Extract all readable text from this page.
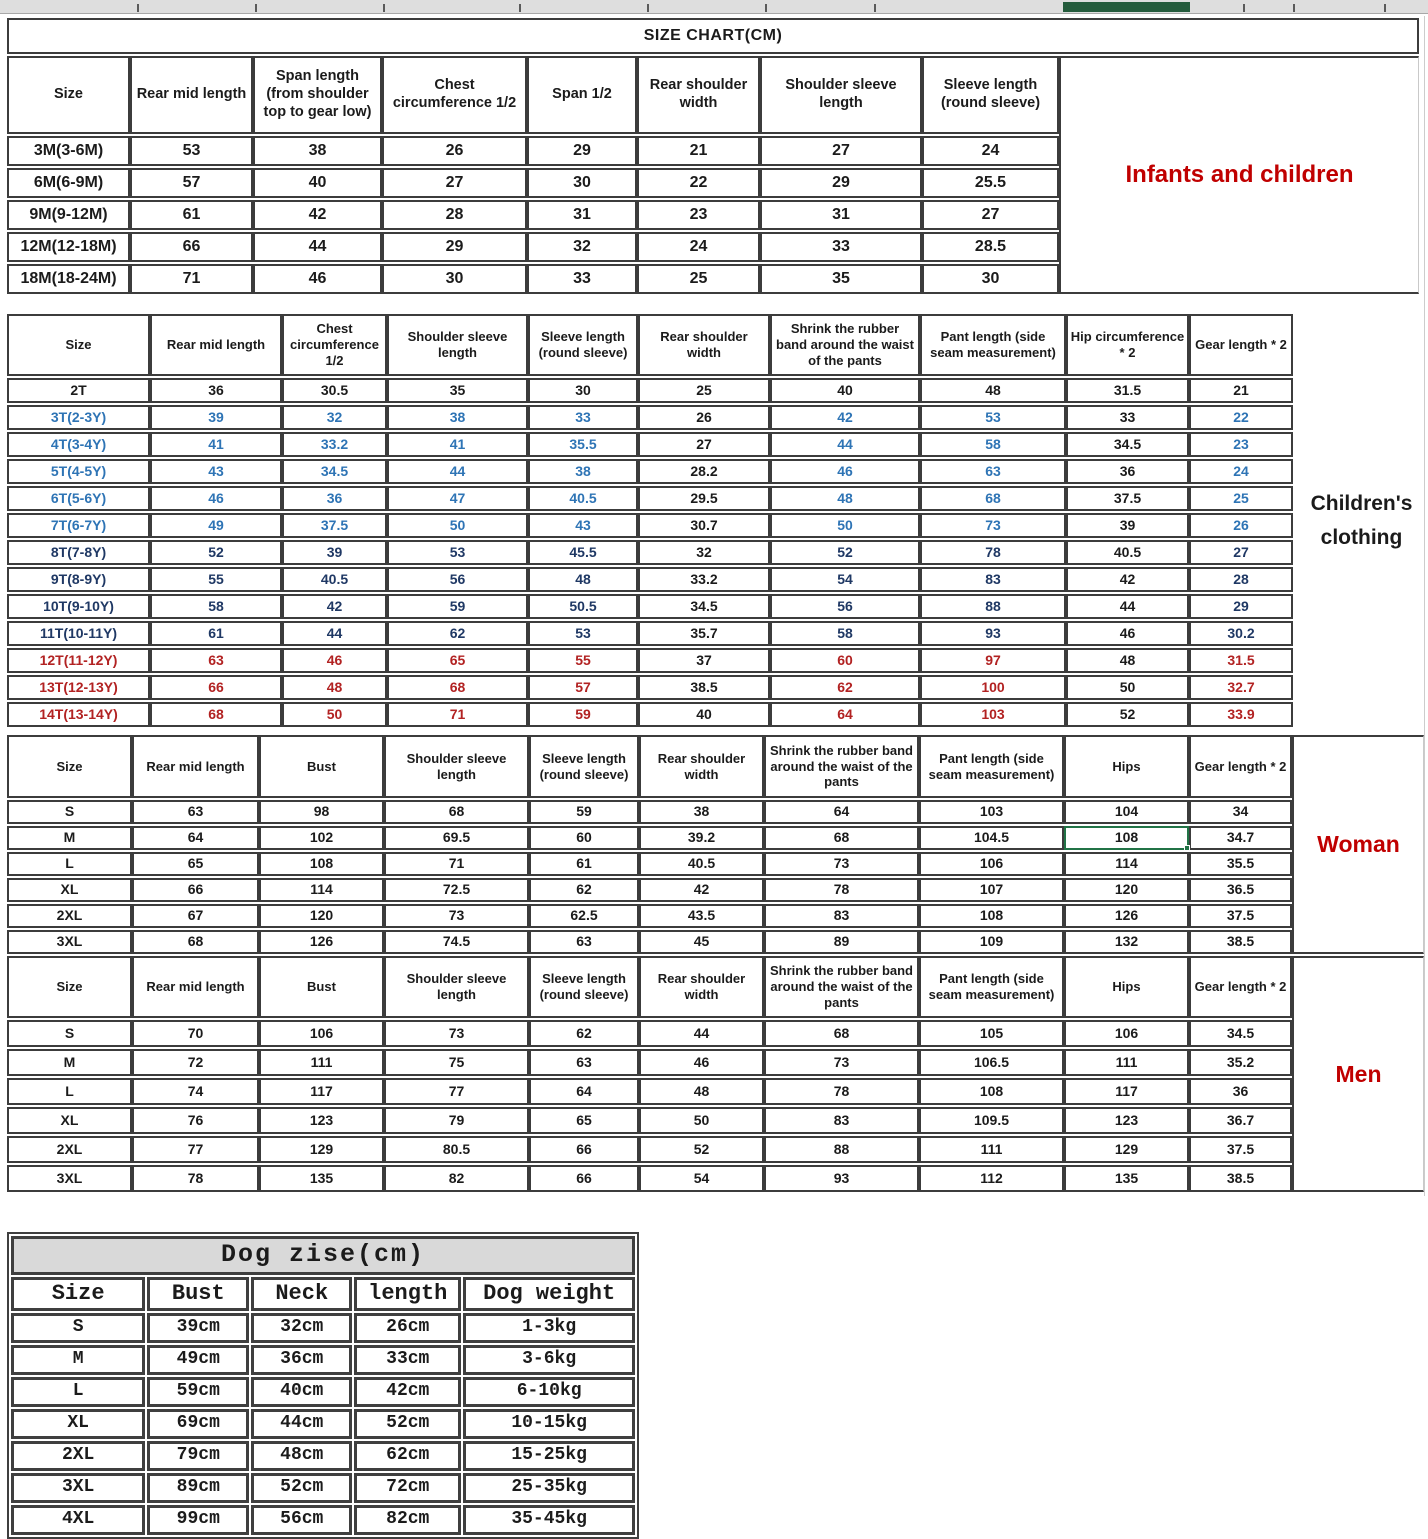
SIZE CHART(CM)								
Size	Rear mid length	Span length (from shoulder top to gear low)	Chest circumference 1/2	Span 1/2	Rear shoulder width	Shoulder sleeve length	Sleeve length (round sleeve)	Infants and children
3M(3-6M)	53	38	26	29	21	27	24	
6M(6-9M)	57	40	27	30	22	29	25.5	
9M(9-12M)	61	42	28	31	23	31	27	
12M(12-18M)	66	44	29	32	24	33	28.5	
18M(18-24M)	71	46	30	33	25	35	30	
Size	Rear mid length	Chest circumference 1/2	Shoulder sleeve length	Sleeve length (round sleeve)	Rear shoulder width	Shrink the rubber band around the waist of the pants	Pant length (side seam measurement)	Hip circumference * 2	Gear length * 2
2T	36	30.5	35	30	25	40	48	31.5	21
3T(2-3Y)	39	32	38	33	26	42	53	33	22
4T(3-4Y)	41	33.2	41	35.5	27	44	58	34.5	23
5T(4-5Y)	43	34.5	44	38	28.2	46	63	36	24
6T(5-6Y)	46	36	47	40.5	29.5	48	68	37.5	25
7T(6-7Y)	49	37.5	50	43	30.7	50	73	39	26
8T(7-8Y)	52	39	53	45.5	32	52	78	40.5	27
9T(8-9Y)	55	40.5	56	48	33.2	54	83	42	28
10T(9-10Y)	58	42	59	50.5	34.5	56	88	44	29
11T(10-11Y)	61	44	62	53	35.7	58	93	46	30.2
12T(11-12Y)	63	46	65	55	37	60	97	48	31.5
13T(12-13Y)	66	48	68	57	38.5	62	100	50	32.7
14T(13-14Y)	68	50	71	59	40	64	103	52	33.9
Children's clothing
Size	Rear mid length	Bust	Shoulder sleeve length	Sleeve length (round sleeve)	Rear shoulder width	Shrink the rubber band around the waist of the pants	Pant length (side seam measurement)	Hips	Gear length * 2	Woman
S	63	98	68	59	38	64	103	104	34	
M	64	102	69.5	60	39.2	68	104.5	108	34.7	
L	65	108	71	61	40.5	73	106	114	35.5	
XL	66	114	72.5	62	42	78	107	120	36.5	
2XL	67	120	73	62.5	43.5	83	108	126	37.5	
3XL	68	126	74.5	63	45	89	109	132	38.5	
Size	Rear mid length	Bust	Shoulder sleeve length	Sleeve length (round sleeve)	Rear shoulder width	Shrink the rubber band around the waist of the pants	Pant length (side seam measurement)	Hips	Gear length * 2	Men
S	70	106	73	62	44	68	105	106	34.5	
M	72	111	75	63	46	73	106.5	111	35.2	
L	74	117	77	64	48	78	108	117	36	
XL	76	123	79	65	50	83	109.5	123	36.7	
2XL	77	129	80.5	66	52	88	111	129	37.5	
3XL	78	135	82	66	54	93	112	135	38.5	
Dog zise(cm)				
Size	Bust	Neck	length	Dog weight
S	39cm	32cm	26cm	1-3kg
M	49cm	36cm	33cm	3-6kg
L	59cm	40cm	42cm	6-10kg
XL	69cm	44cm	52cm	10-15kg
2XL	79cm	48cm	62cm	15-25kg
3XL	89cm	52cm	72cm	25-35kg
4XL	99cm	56cm	82cm	35-45kg
